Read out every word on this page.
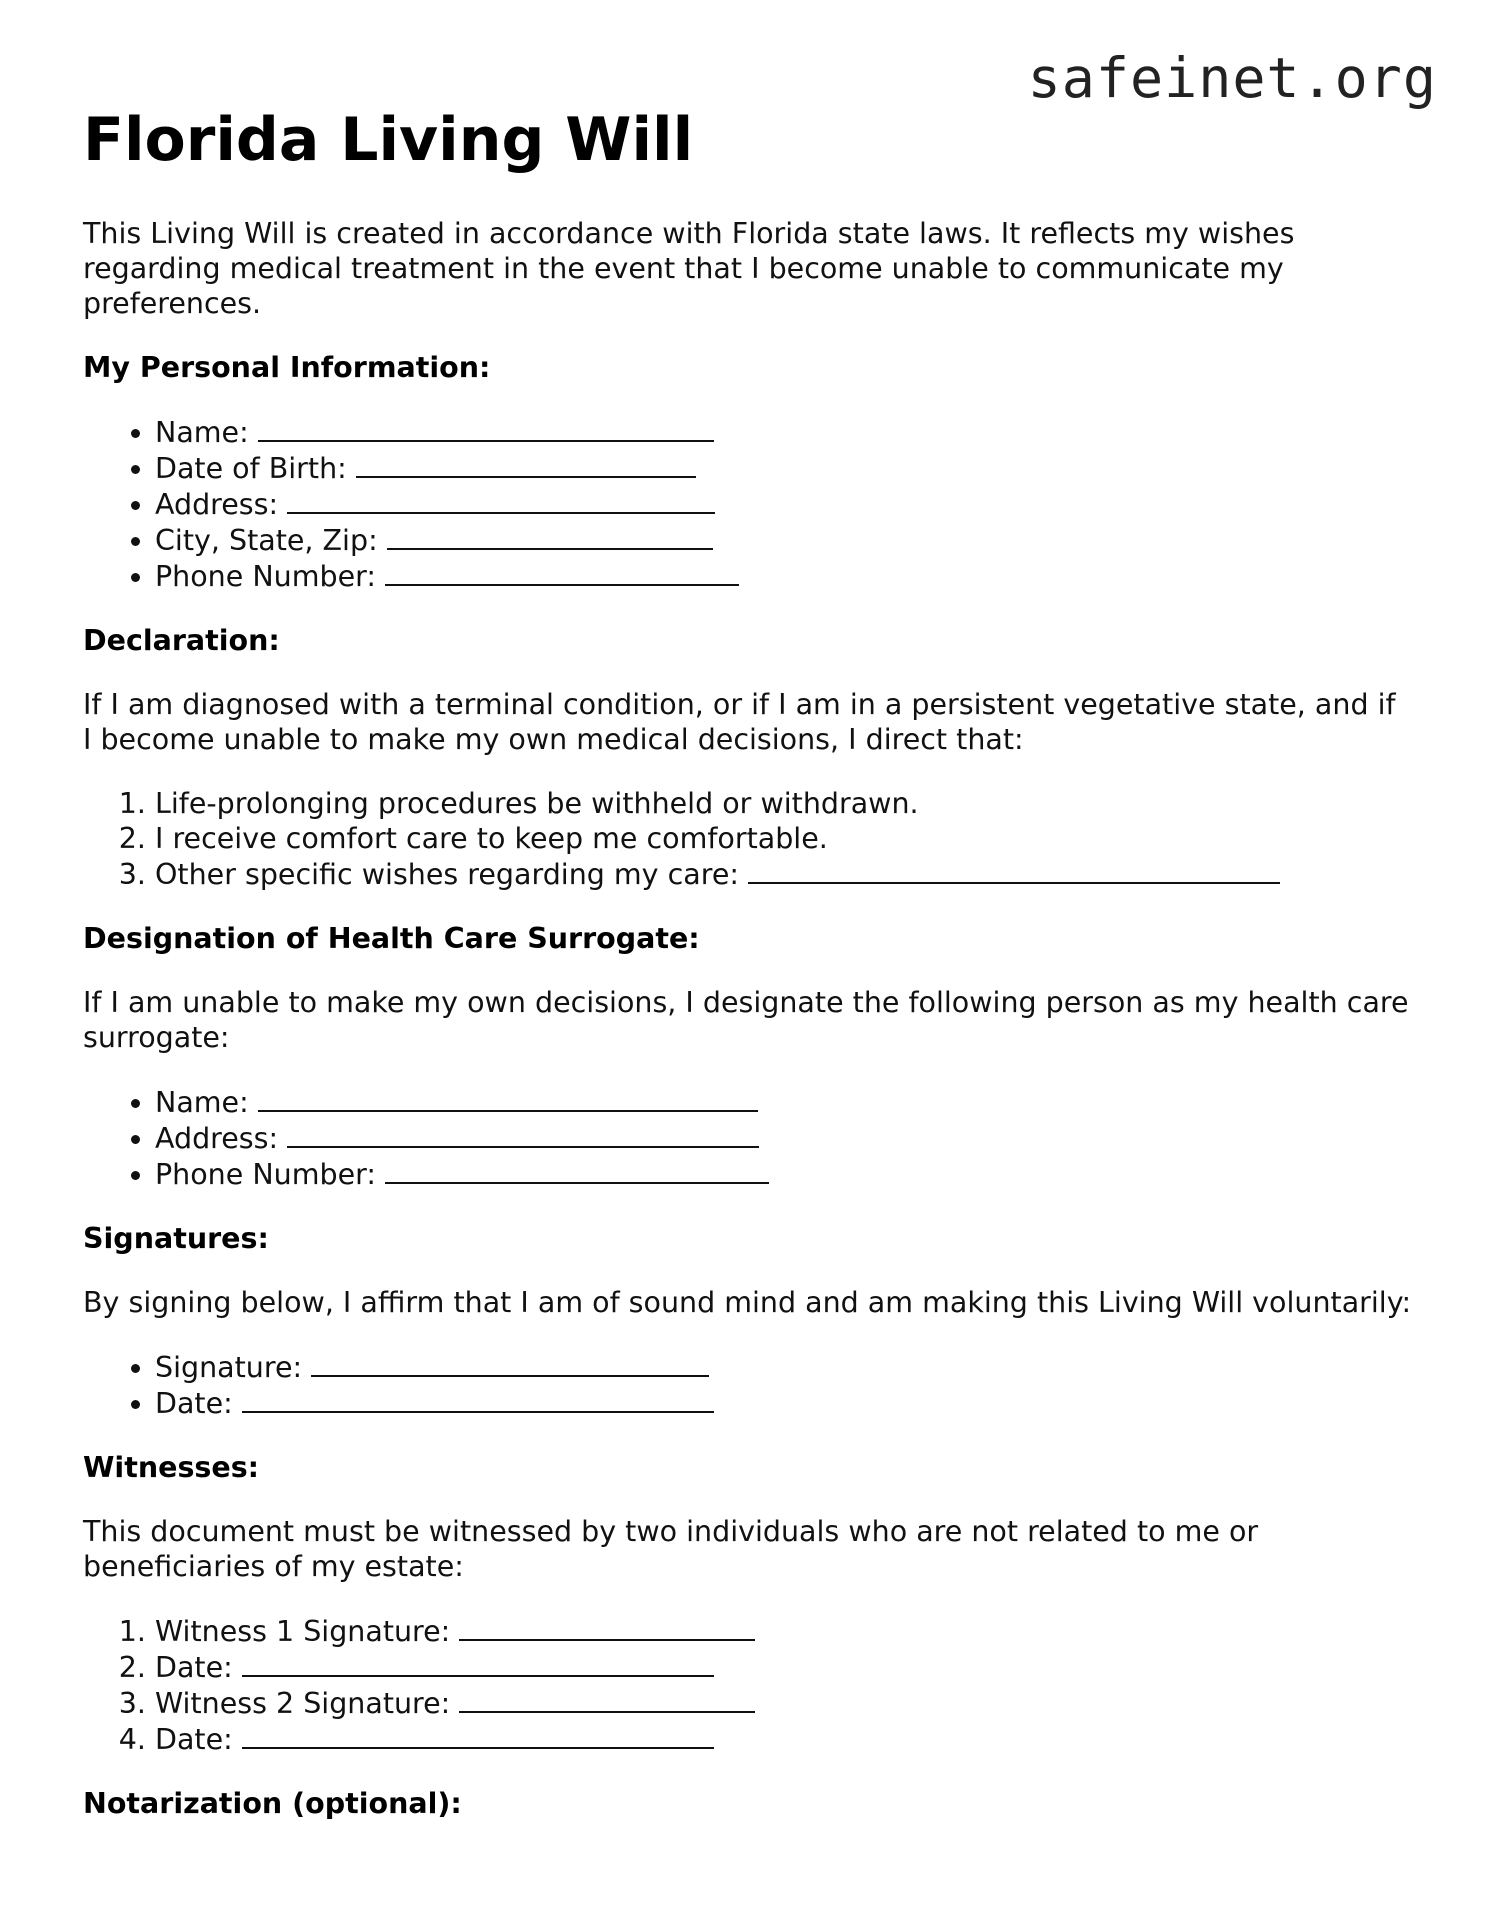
safeinet.org
Florida Living Will

This Living Will is created in accordance with Florida state laws. It reflects my wishes regarding medical treatment in the event that I become unable to communicate my preferences.

My Personal Information:
• Name:
• Date of Birth:
• Address:
• City, State, Zip:
• Phone Number:
Declaration:

If I am diagnosed with a terminal condition, or if I am in a persistent vegetative state, and if I become unable to make my own medical decisions, I direct that:

1. Life-prolonging procedures be withheld or withdrawn.
2. I receive comfort care to keep me comfortable.
3. Other specific wishes regarding my care:
Designation of Health Care Surrogate:

If I am unable to make my own decisions, I designate the following person as my health care surrogate:

• Name:
• Address:
• Phone Number:
Signatures:

By signing below, I affirm that I am of sound mind and am making this Living Will voluntarily:

• Signature:
• Date:
Witnesses:

This document must be witnessed by two individuals who are not related to me or beneficiaries of my estate:

1. Witness 1 Signature:
2. Date:
3. Witness 2 Signature:
4. Date:
Notarization (optional):
